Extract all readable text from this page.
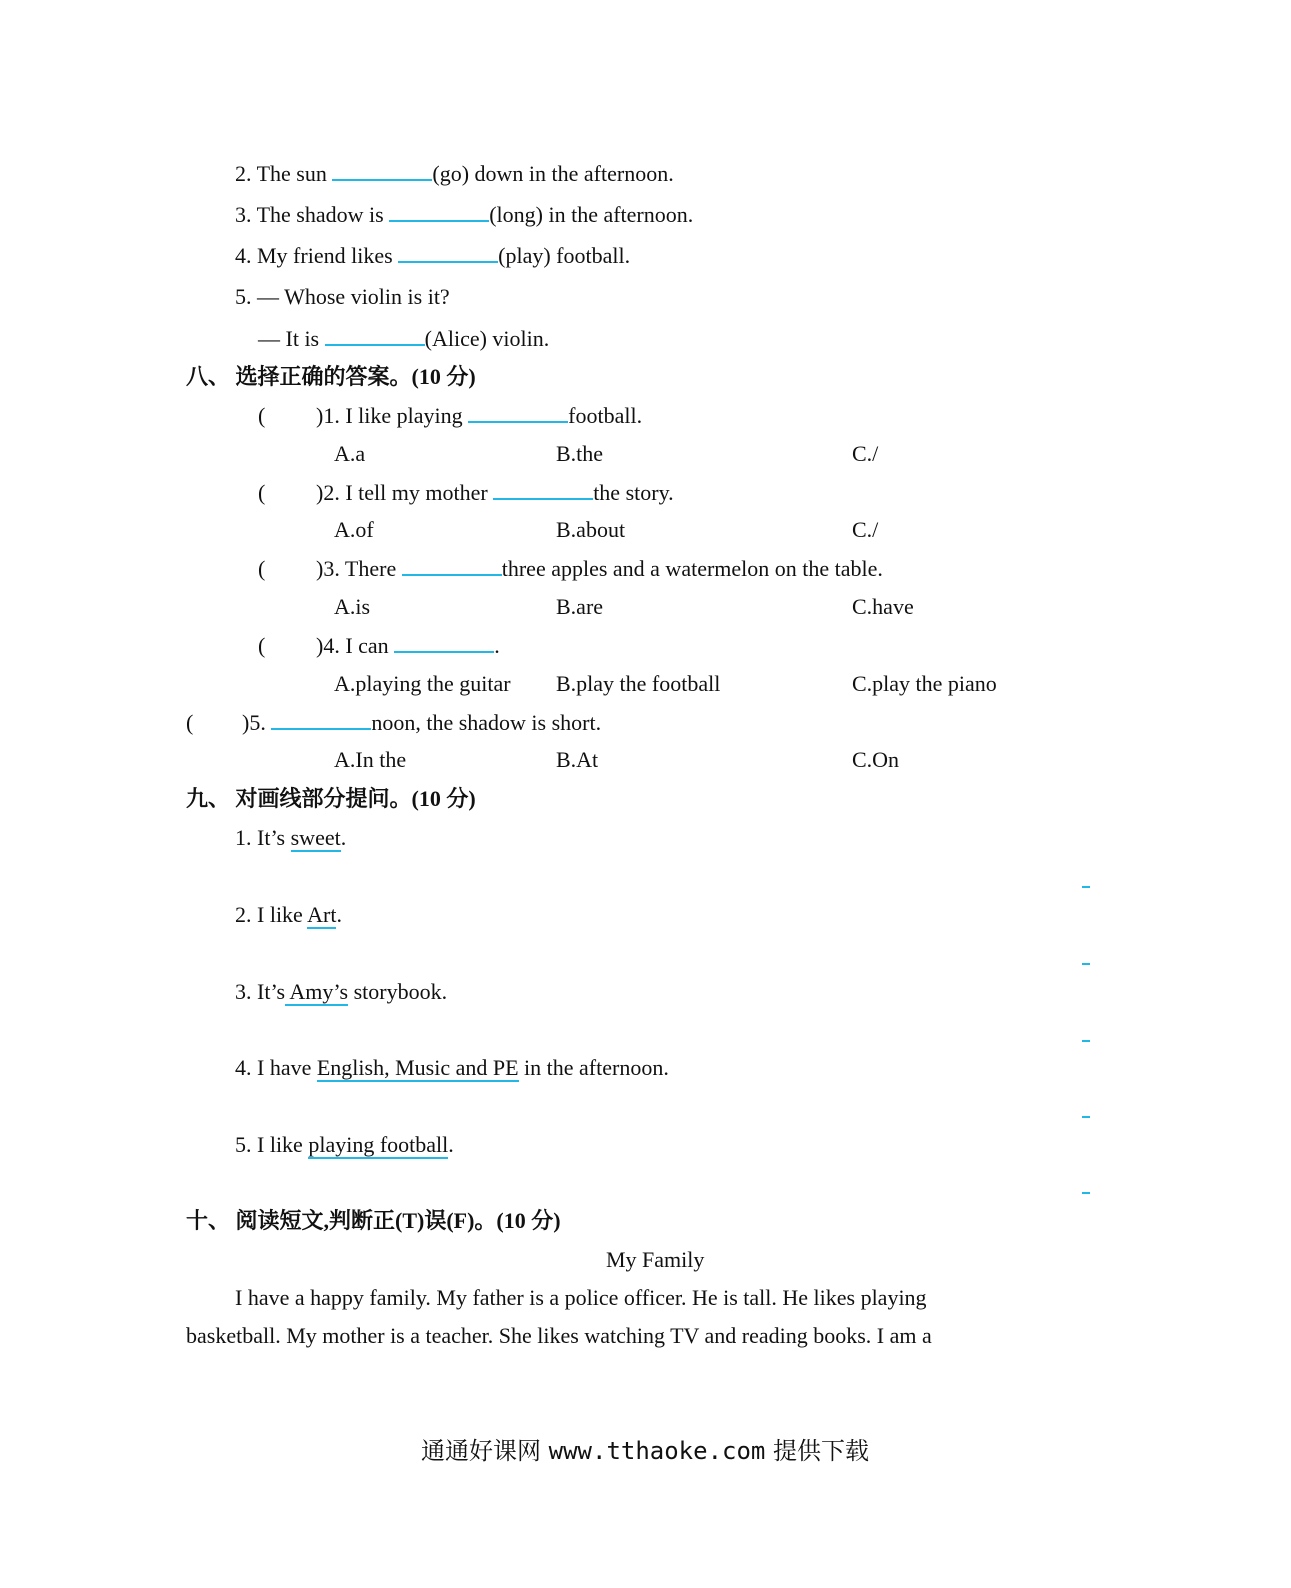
2. The sun	(go) down in the afternoon.
3. The shadow is	(long) in the afternoon.
4. My friend likes	(play) football.
5. — Whose violin is it?
— It is	(Alice) violin.
八、 选择正确的答案。(10 分)
( )1. I like playing	football.
A.a	B.the	C./
( )2. I tell my mother	the story.
A.of	B.about	C./
( )3. There	three apples and a watermelon on the table.
A.is	B.are	C.have
( )4. I can	.
A.playing the guitar B.play the football	C.play the piano
( )5.	noon, the shadow is short.
A.In the	B.At	C.On
九、 对画线部分提问。(10 分)
1. It’s sweet.
2. I like Art.
3. It’s Amy’s storybook.
4. I have English, Music and PE in the afternoon.
5. I like playing football.
十、 阅读短文,判断正(T)误(F)。(10 分)
My Family
I have a happy family. My father is a police officer. He is tall. He likes playing
basketball. My mother is a teacher. She likes watching TV and reading books. I am a
通通好课网 www.tthaoke.com 提供下载
